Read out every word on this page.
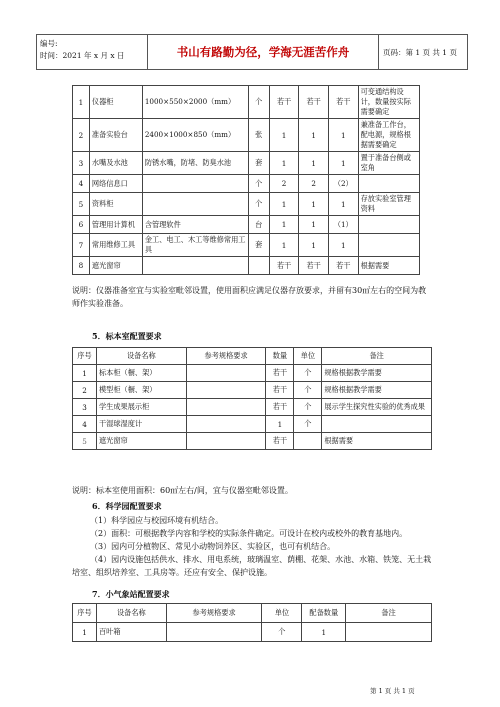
编号:
时间：2021 年 x 月 x 日	书山有路勤为径，学海无涯苦作舟	页码：第 1 页 共 1 页
1	仪器柜	1000×550×2000（mm）	个	若干	若干	若干	可变通结构设计，数量按实际需要确定
2	准备实验台	2400×1000×850（mm）	张	1	1	1	兼准备工作台，配电源，规格根据需要确定
3	水嘴及水池	防锈水嘴，防堵、防臭水池	套	1	1	1	置于准备台侧或室角
4	网络信息口		个	2	2	（2）	
5	资料柜		个	1	1	1	存放实验室管理资料
6	管理用计算机	含管理软件	台	1	1	（1）	
7	常用维修工具	金工、电工、木工等维修常用工具	套	1	1	1	
8	遮光窗帘			若干	若干	若干	根据需要
说明：仪器准备室宜与实验室毗邻设置，使用面积应满足仪器存放要求，并留有30㎡左右的空间为教师作实验准备。
5．标本室配置要求
序号	设备名称	参考规格要求	数量	单位	备注
1	标本柜（橱、架）		若干	个	规格根据教学需要
2	模型柜（橱、架）		若干	个	规格根据教学需要
3	学生成果展示柜		若干	个	展示学生探究性实验的优秀成果
4	干湿球湿度计		1	个	
5	遮光窗帘		若干		根据需要
说明：标本室使用面积：60㎡左右/间，宜与仪器室毗邻设置。
6．科学园配置要求
（1）科学园应与校园环境有机结合。
（2）面积：可根据教学内容和学校的实际条件确定。可设计在校内或校外的教育基地内。
（3）园内可分植物区、常见小动物饲养区、实验区，也可有机结合。
（4）园内设施包括供水、排水、用电系统，玻璃温室、荫棚、花架、水池、水箱、铁笼、无土栽培室、组织培养室、工具房等。还应有安全、保护设施。
7．小气象站配置要求
序号	设备名称	参考规格要求	单位	配备数量	备注
1	百叶箱		个	1	
第 1 页 共 1 页
